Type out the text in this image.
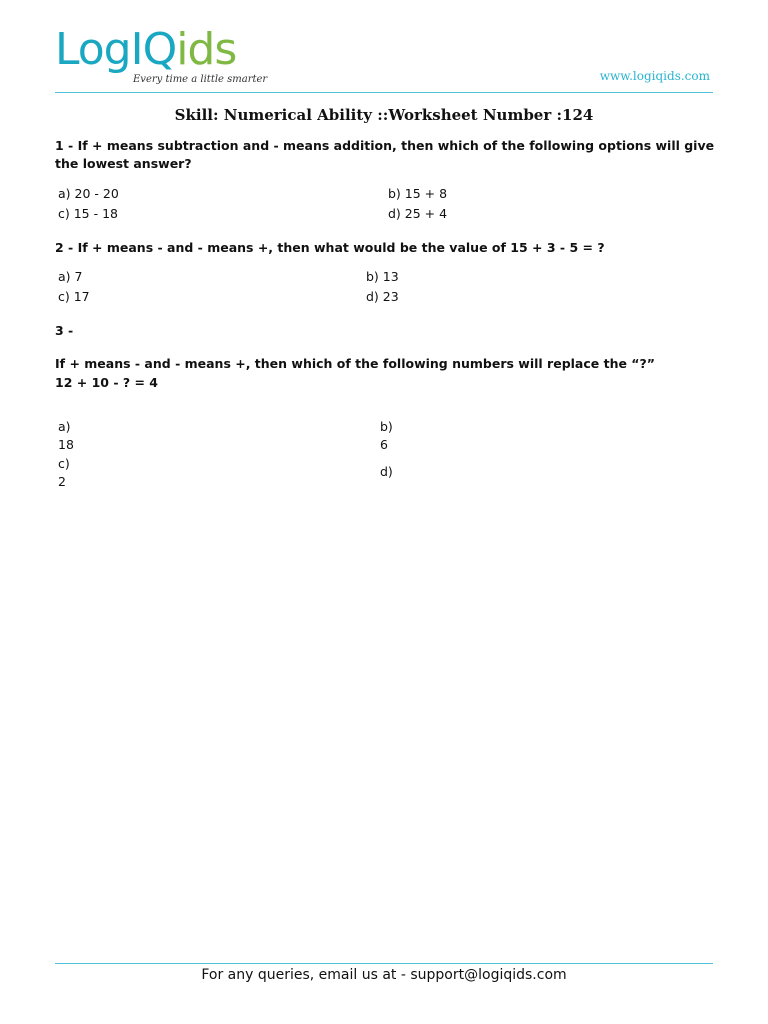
LogIQids
Every time a little smarter	www.logiqids.com
Skill: Numerical Ability ::Worksheet Number :124
1 - If + means subtraction and - means addition, then which of the following options will give the lowest answer?
a) 20 - 20	b) 15 + 8
c) 15 - 18	d) 25 + 4
2 - If + means - and - means +, then what would be the value of 15 + 3 - 5 = ?
a) 7	b) 13
c) 17	d) 23
3 -
If + means - and - means +, then which of the following numbers will replace the “?”
12 + 10 - ? = 4
a)
18
b)
6
c)
2
d)
For any queries, email us at - support@logiqids.com
